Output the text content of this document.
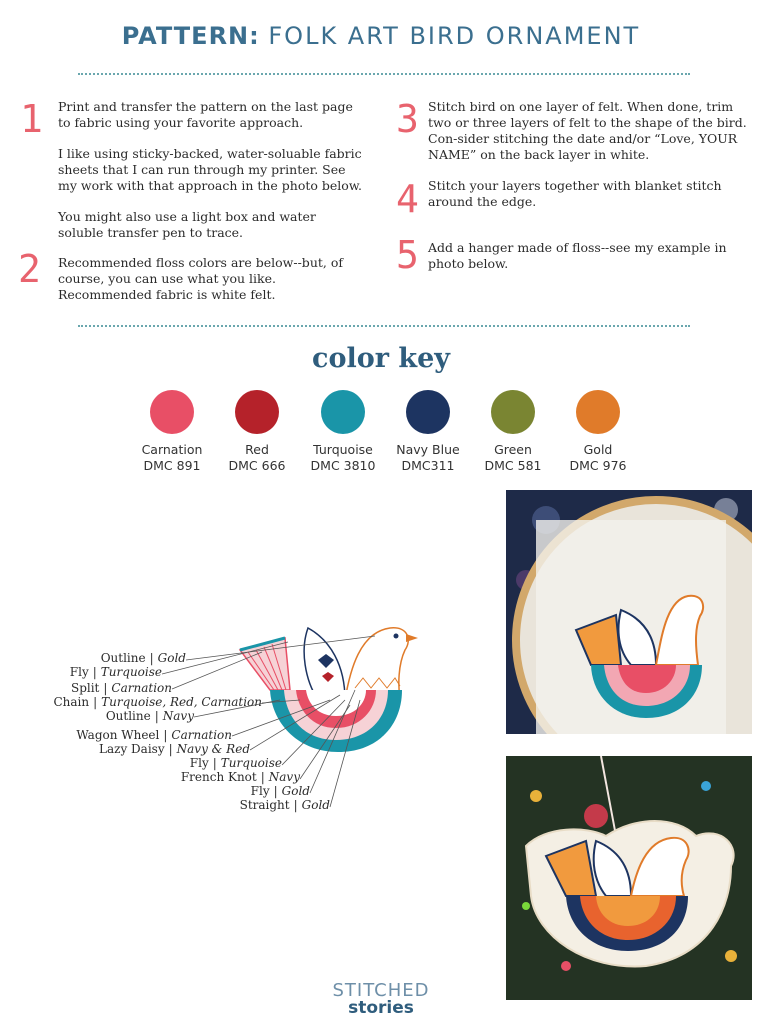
PATTERN: FOLK ART BIRD ORNAMENT
1 Print and transfer the pattern on the last page to fabric using your favorite approach.

I like using sticky-backed, water-soluable fabric sheets that I can run through my printer. See my work with that approach in the photo below.

You might also use a light box and water soluble transfer pen to trace.

2 Recommended floss colors are below--but, of course, you can use what you like. Recommended fabric is white felt.

3 Stitch bird on one layer of felt. When done, trim two or three layers of felt to the shape of the bird. Con-sider stitching the date and/or “Love, YOUR NAME” on the back layer in white.

4 Stitch your layers together with blanket stitch around the edge.

5 Add a hanger made of floss--see my example in photo below.

color key
Carnation
DMC 891
Red
DMC 666
Turquoise
DMC 3810
Navy Blue
DMC311
Green
DMC 581
Gold
DMC 976
Outline | Gold
Fly | Turquoise
Split | Carnation
Chain | Turquoise, Red, Carnation
Outline | Navy
Wagon Wheel | Carnation
Lazy Daisy | Navy & Red
Fly | Turquoise
French Knot | Navy
Fly | Gold
Straight | Gold
STITCHED
stories
